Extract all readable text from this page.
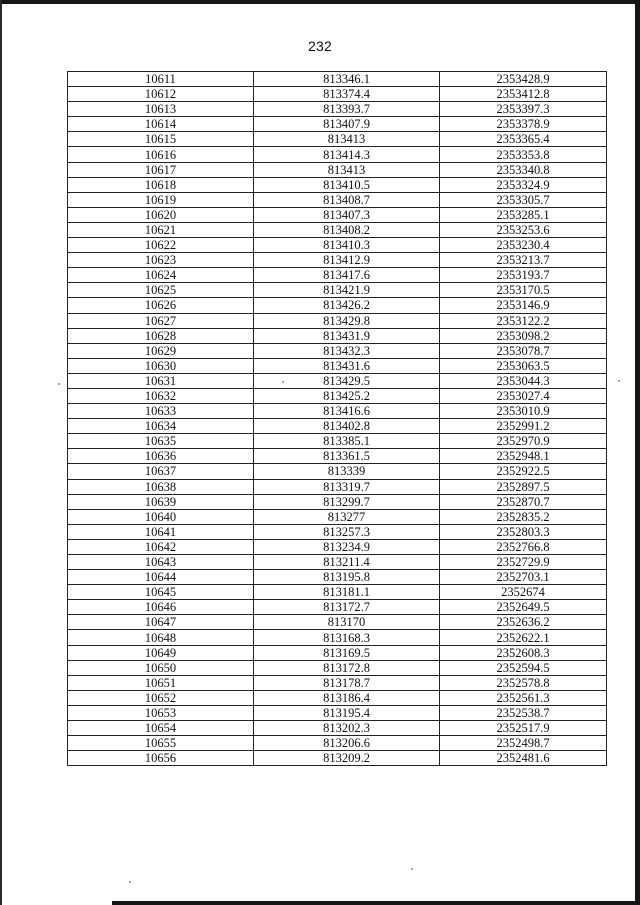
232
10611	813346.1	2353428.9
10612	813374.4	2353412.8
10613	813393.7	2353397.3
10614	813407.9	2353378.9
10615	813413	2353365.4
10616	813414.3	2353353.8
10617	813413	2353340.8
10618	813410.5	2353324.9
10619	813408.7	2353305.7
10620	813407.3	2353285.1
10621	813408.2	2353253.6
10622	813410.3	2353230.4
10623	813412.9	2353213.7
10624	813417.6	2353193.7
10625	813421.9	2353170.5
10626	813426.2	2353146.9
10627	813429.8	2353122.2
10628	813431.9	2353098.2
10629	813432.3	2353078.7
10630	813431.6	2353063.5
10631	813429.5	2353044.3
10632	813425.2	2353027.4
10633	813416.6	2353010.9
10634	813402.8	2352991.2
10635	813385.1	2352970.9
10636	813361.5	2352948.1
10637	813339	2352922.5
10638	813319.7	2352897.5
10639	813299.7	2352870.7
10640	813277	2352835.2
10641	813257.3	2352803.3
10642	813234.9	2352766.8
10643	813211.4	2352729.9
10644	813195.8	2352703.1
10645	813181.1	2352674
10646	813172.7	2352649.5
10647	813170	2352636.2
10648	813168.3	2352622.1
10649	813169.5	2352608.3
10650	813172.8	2352594.5
10651	813178.7	2352578.8
10652	813186.4	2352561.3
10653	813195.4	2352538.7
10654	813202.3	2352517.9
10655	813206.6	2352498.7
10656	813209.2	2352481.6
